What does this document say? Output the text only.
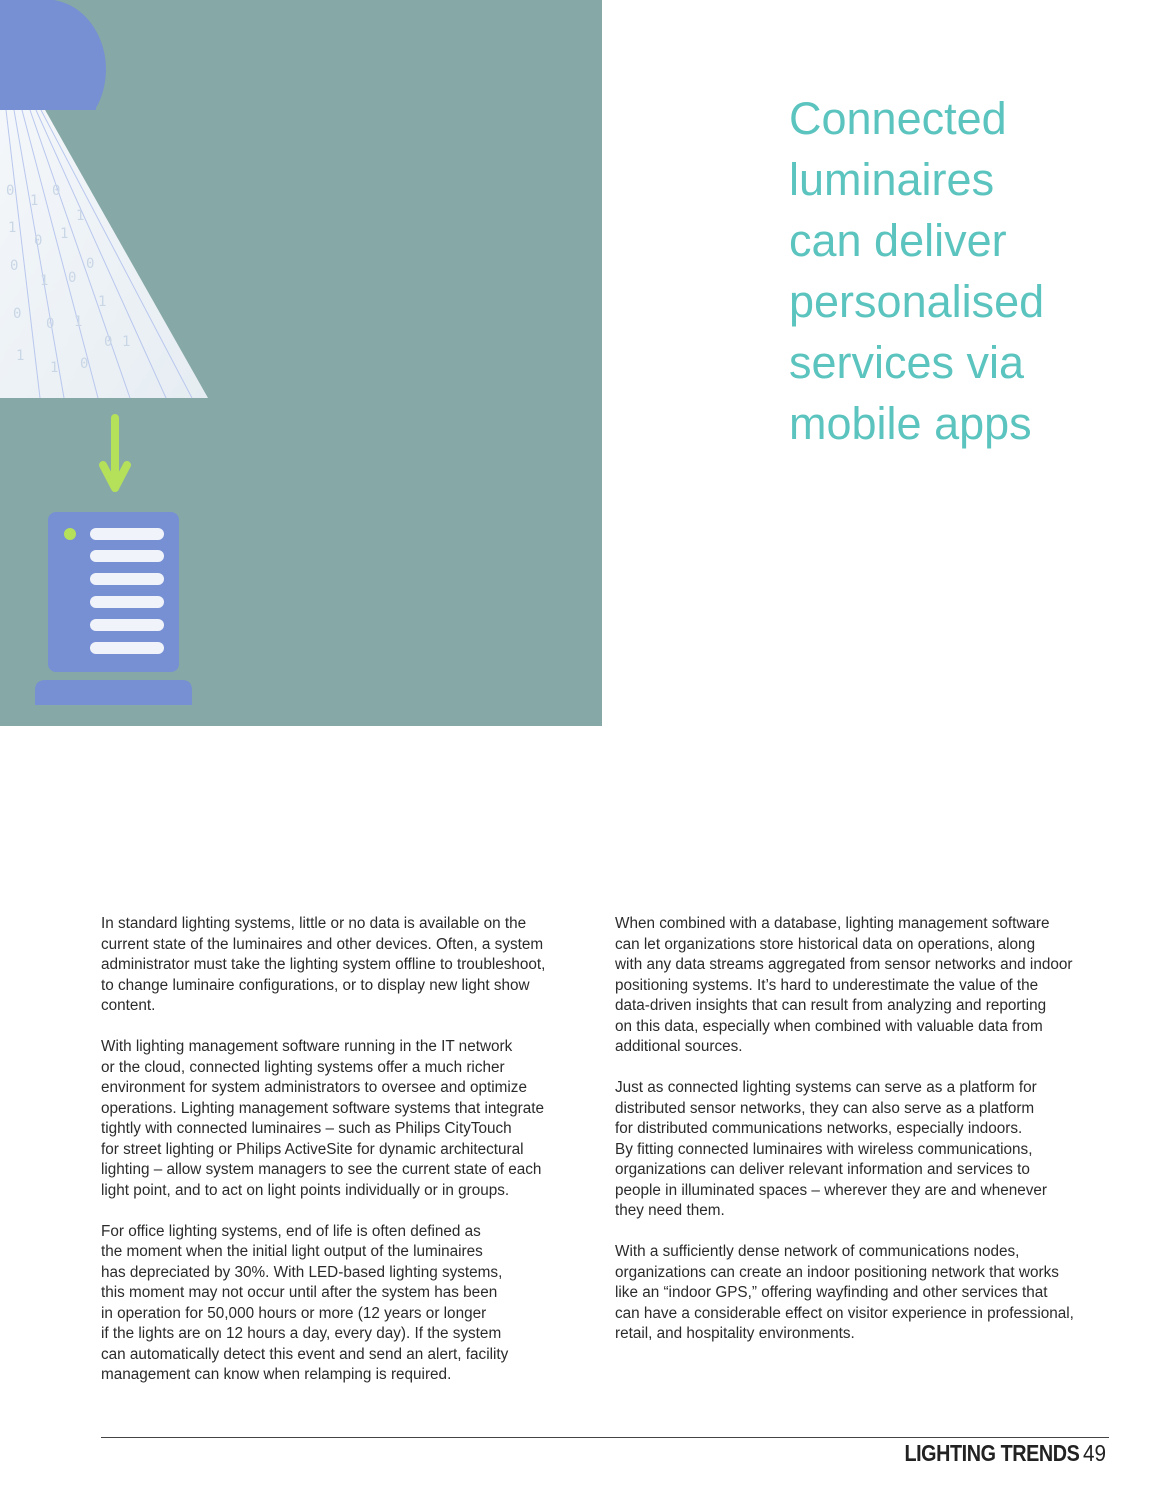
0
1
0
0
1
1
0
1
0
1
0
1
0
1
0
1
0
1
0 1
Connected
luminaires
can deliver
personalised
services via
mobile apps

In standard lighting systems, little or no data is available on the
current state of the luminaires and other devices. Often, a system
administrator must take the lighting system offline to troubleshoot,
to change luminaire configurations, or to display new light show
content.

With lighting management software running in the IT network
or the cloud, connected lighting systems offer a much richer
environment for system administrators to oversee and optimize
operations. Lighting management software systems that integrate
tightly with connected luminaires – such as Philips CityTouch
for street lighting or Philips ActiveSite for dynamic architectural
lighting – allow system managers to see the current state of each
light point, and to act on light points individually or in groups.

For office lighting systems, end of life is often defined as
the moment when the initial light output of the luminaires
has depreciated by 30%. With LED-based lighting systems,
this moment may not occur until after the system has been
in operation for 50,000 hours or more (12 years or longer
if the lights are on 12 hours a day, every day). If the system
can automatically detect this event and send an alert, facility
management can know when relamping is required.

When combined with a database, lighting management software
can let organizations store historical data on operations, along
with any data streams aggregated from sensor networks and indoor
positioning systems. It’s hard to underestimate the value of the
data-driven insights that can result from analyzing and reporting
on this data, especially when combined with valuable data from
additional sources.

Just as connected lighting systems can serve as a platform for
distributed sensor networks, they can also serve as a platform
for distributed communications networks, especially indoors.
By fitting connected luminaires with wireless communications,
organizations can deliver relevant information and services to
people in illuminated spaces – wherever they are and whenever
they need them.

With a sufficiently dense network of communications nodes,
organizations can create an indoor positioning network that works
like an “indoor GPS,” offering wayfinding and other services that
can have a considerable effect on visitor experience in professional,
retail, and hospitality environments.

LIGHTING TRENDS 49
